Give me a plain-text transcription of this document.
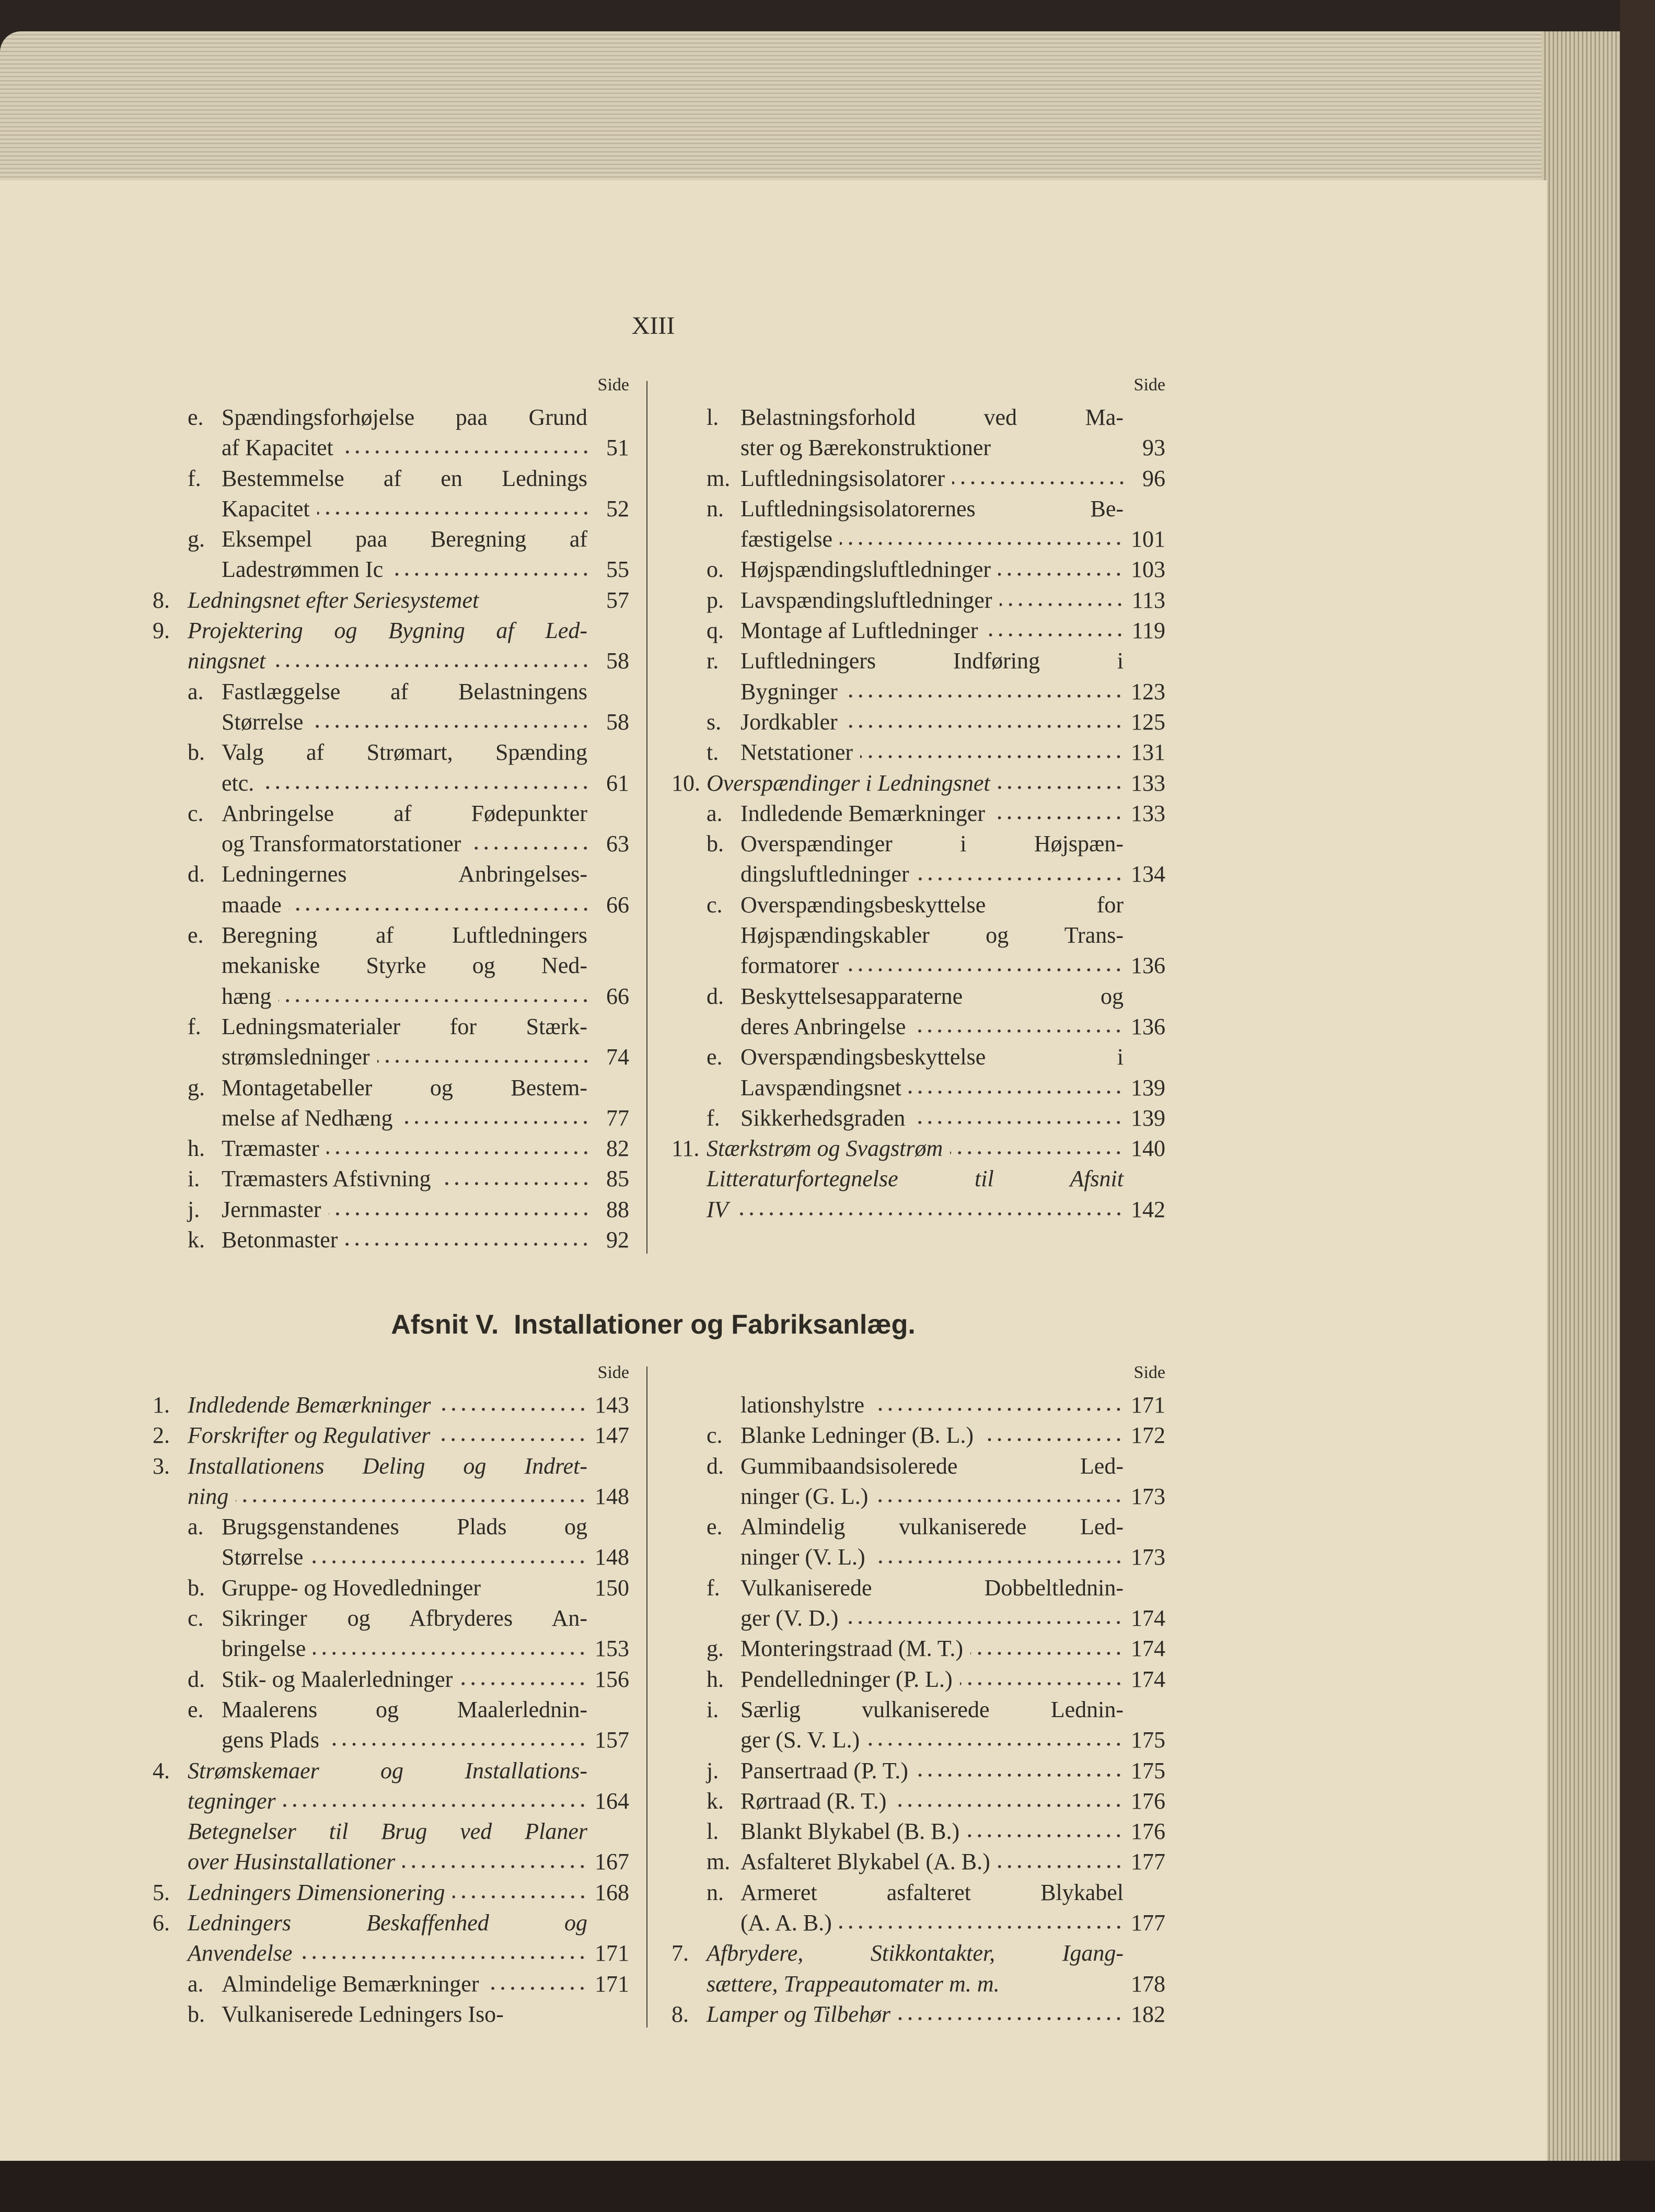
XIII
Side	Side
e. Spændingsforhøjelse paa Grund
af Kapacitet	51
f. Bestemmelse af en Lednings
Kapacitet	52
g. Eksempel paa Beregning af
Ladestrømmen Ic	55
8. Ledningsnet efter Seriesystemet	57
9. Projektering og Bygning af Led-
ningsnet	58
a. Fastlæggelse af Belastningens
Størrelse	58
b. Valg af Strømart, Spænding
etc.	61
c. Anbringelse af Fødepunkter
og Transformatorstationer	63
d. Ledningernes Anbringelses-
maade	66
e. Beregning af Luftledningers
mekaniske Styrke og Ned-
hæng	66
f. Ledningsmaterialer for Stærk-
strømsledninger	74
g. Montagetabeller og Bestem-
melse af Nedhæng	77
h. Træmaster	82
i. Træmasters Afstivning	85
j. Jernmaster	88
k. Betonmaster	92
l. Belastningsforhold ved Ma-
ster og Bærekonstruktioner	93
m. Luftledningsisolatorer	96
n. Luftledningsisolatorernes Be-
fæstigelse	101
o. Højspændingsluftledninger	103
p. Lavspændingsluftledninger	113
q. Montage af Luftledninger	119
r. Luftledningers Indføring i
Bygninger	123
s. Jordkabler	125
t. Netstationer	131
10. Overspændinger i Ledningsnet	133
a. Indledende Bemærkninger	133
b. Overspændinger i Højspæn-
dingsluftledninger	134
c. Overspændingsbeskyttelse for
Højspændingskabler og Trans-
formatorer	136
d. Beskyttelsesapparaterne og
deres Anbringelse	136
e. Overspændingsbeskyttelse i
Lavspændingsnet	139
f. Sikkerhedsgraden	139
11. Stærkstrøm og Svagstrøm	140
Litteraturfortegnelse til Afsnit
IV	142
Afsnit V.  Installationer og Fabriksanlæg.
Side	Side
1. Indledende Bemærkninger	143
2. Forskrifter og Regulativer	147
3. Installationens Deling og Indret-
ning	148
a. Brugsgenstandenes Plads og
Størrelse	148
b. Gruppe- og Hovedledninger	150
c. Sikringer og Afbryderes An-
bringelse	153
d. Stik- og Maalerledninger	156
e. Maalerens og Maalerlednin-
gens Plads	157
4. Strømskemaer og Installations-
tegninger	164
Betegnelser til Brug ved Planer
over Husinstallationer	167
5. Ledningers Dimensionering	168
6. Ledningers Beskaffenhed og
Anvendelse	171
a. Almindelige Bemærkninger	171
b. Vulkaniserede Ledningers Iso-
lationshylstre	171
c. Blanke Ledninger (B. L.)	172
d. Gummibaandsisolerede Led-
ninger (G. L.)	173
e. Almindelig vulkaniserede Led-
ninger (V. L.)	173
f. Vulkaniserede Dobbeltlednin-
ger (V. D.)	174
g. Monteringstraad (M. T.)	174
h. Pendelledninger (P. L.)	174
i. Særlig vulkaniserede Lednin-
ger (S. V. L.)	175
j. Pansertraad (P. T.)	175
k. Rørtraad (R. T.)	176
l. Blankt Blykabel (B. B.)	176
m. Asfalteret Blykabel (A. B.)	177
n. Armeret asfalteret Blykabel
(A. A. B.)	177
7. Afbrydere, Stikkontakter, Igang-
sættere, Trappeautomater m. m.	178
8. Lamper og Tilbehør	182
